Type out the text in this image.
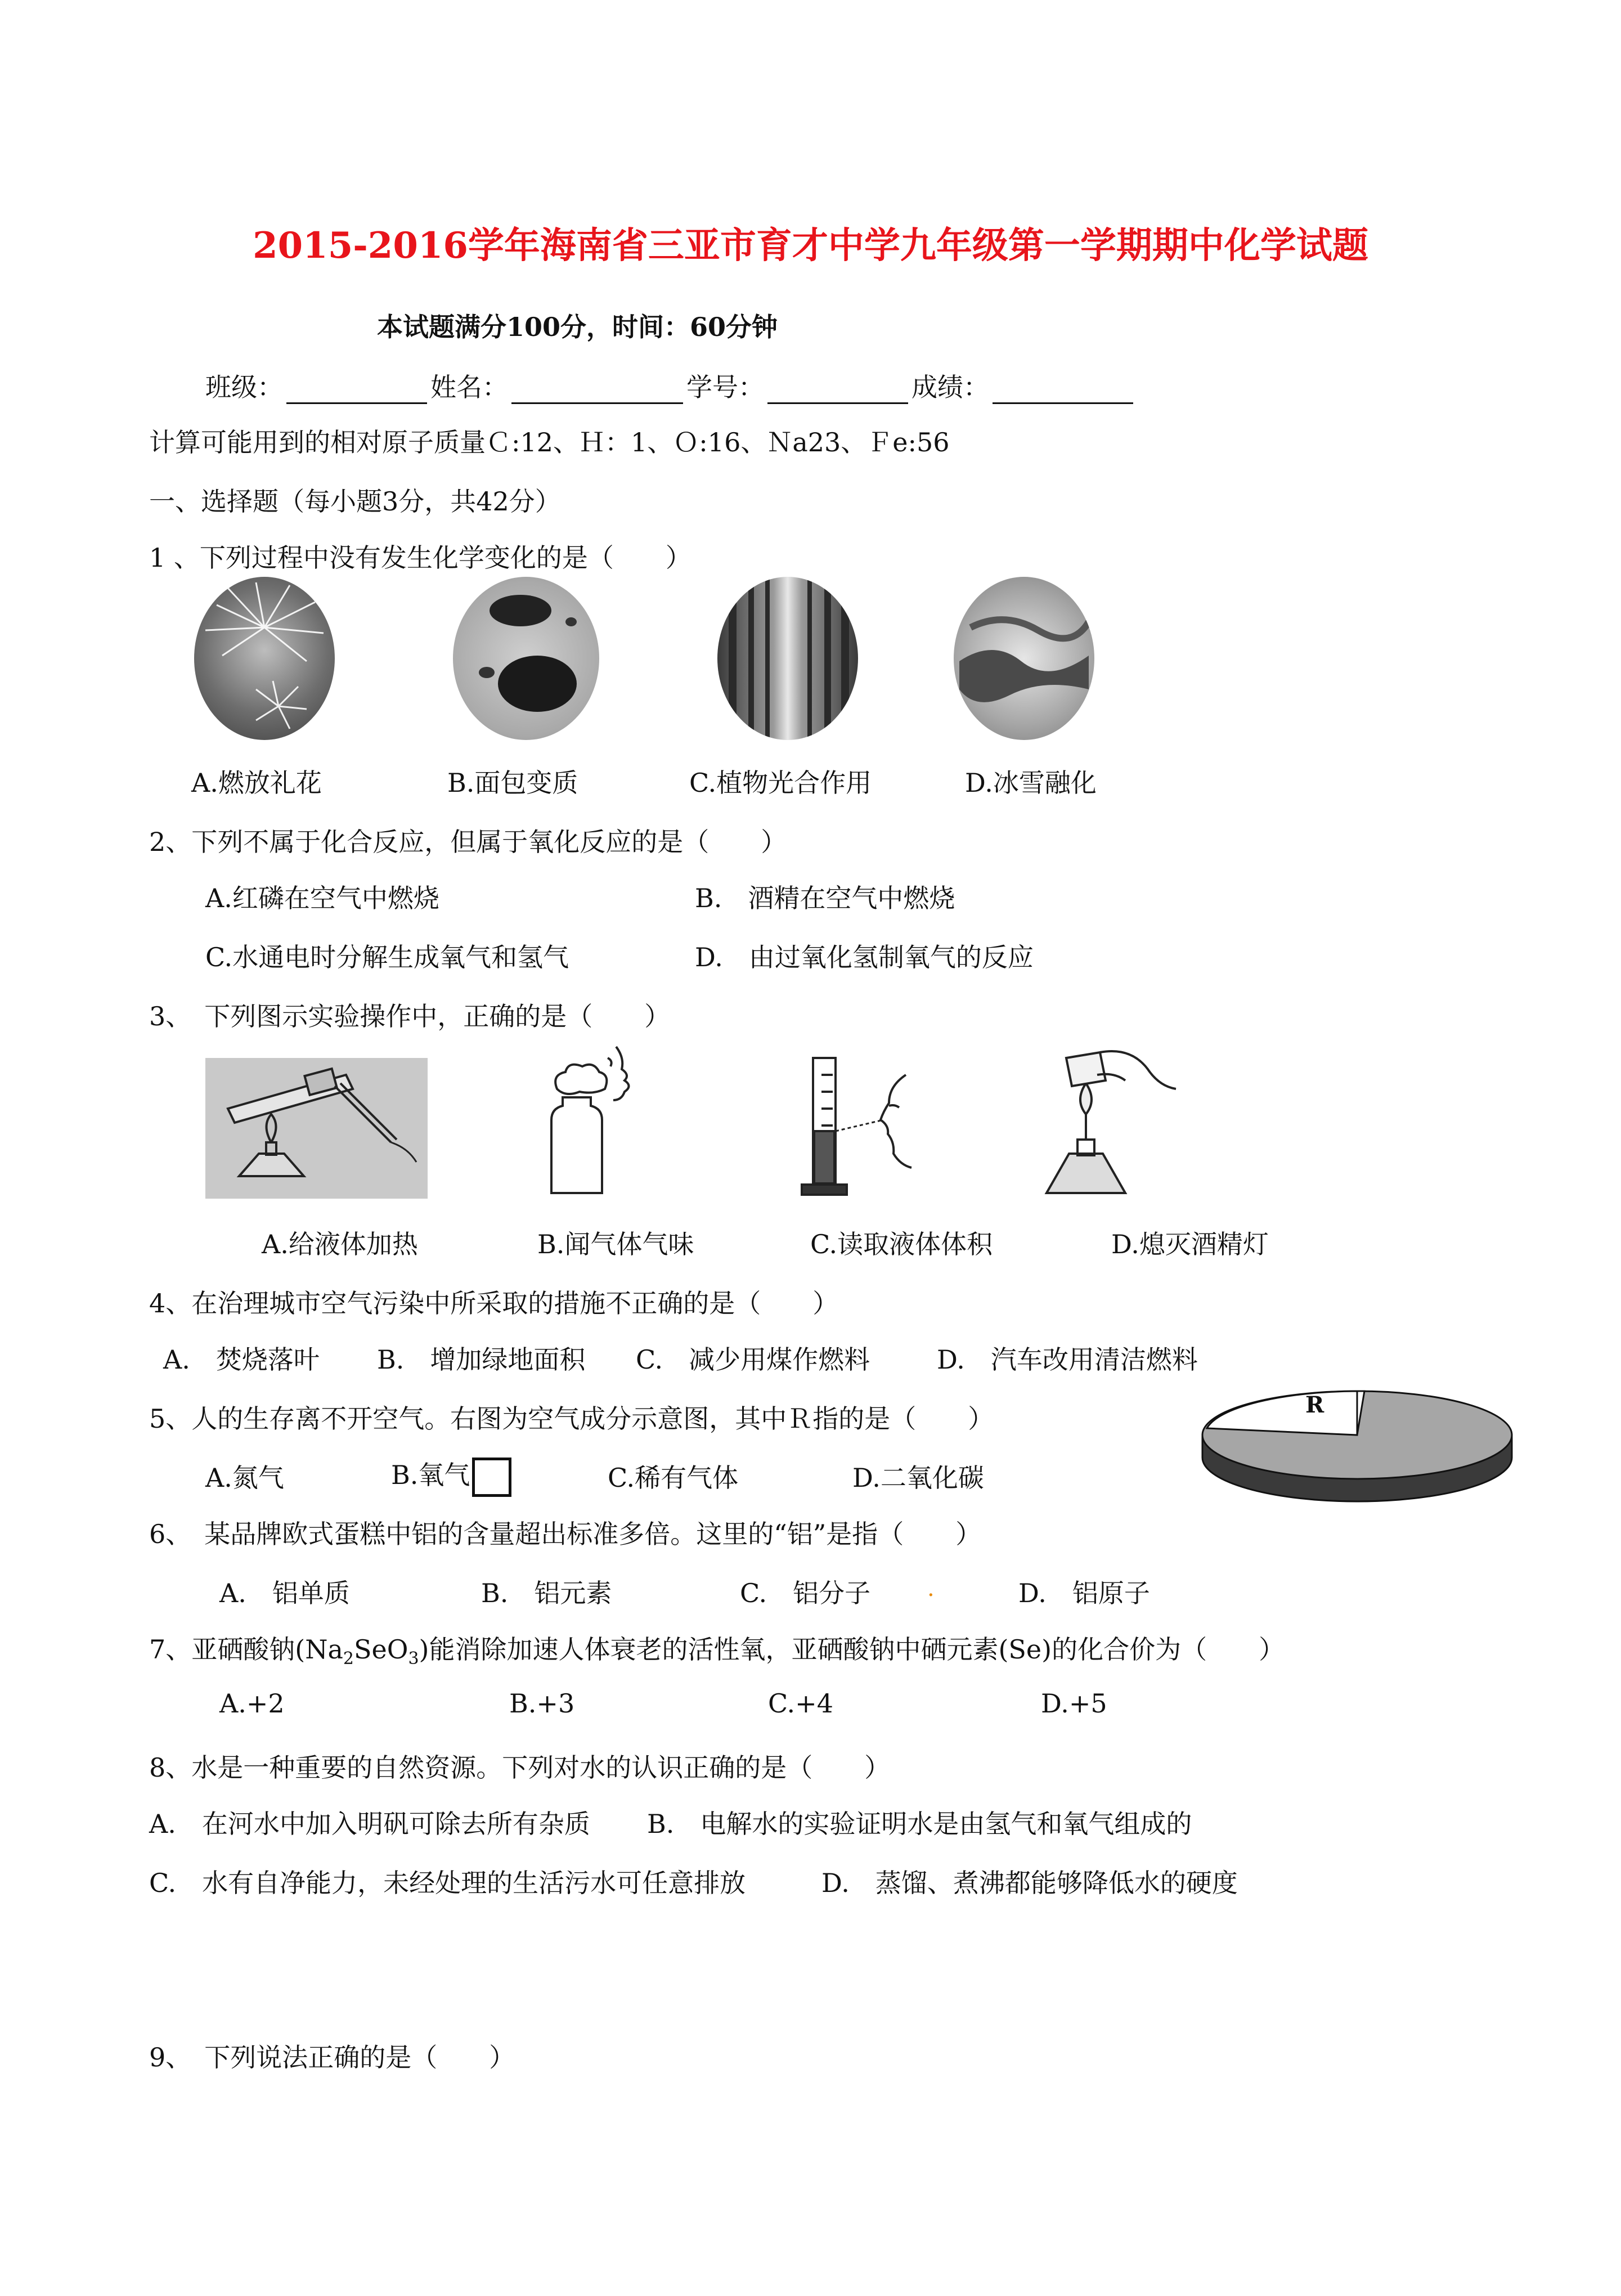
2015-2016学年海南省三亚市育才中学九年级第一学期期中化学试题
本试题满分100分，时间：60分钟
班级：	姓名：	学号：	成绩：
计算可能用到的相对原子质量Ｃ:12、Ｈ：1、Ｏ:16、Ｎa23、Ｆe:56
一、选择题（每小题3分，共42分）
1 、下列过程中没有发生化学变化的是（　　）
A.燃放礼花	B.面包变质	C.植物光合作用	D.冰雪融化
2、下列不属于化合反应，但属于氧化反应的是（　　）
A.红磷在空气中燃烧	B.　酒精在空气中燃烧
C.水通电时分解生成氧气和氢气	D.　由过氧化氢制氧气的反应
3、　下列图示实验操作中，正确的是（　　）
A.给液体加热	B.闻气体气味	C.读取液体体积	D.熄灭酒精灯
4、在治理城市空气污染中所采取的措施不正确的是（　　）
A.　焚烧落叶 B.　增加绿地面积 C.　减少用煤作燃料	D.　汽车改用清洁燃料
5、人的生存离不开空气。右图为空气成分示意图，其中Ｒ指的是（　　）
A.氮气	B.氧气	C.稀有气体	D.二氧化碳
R
6、　某品牌欧式蛋糕中铝的含量超出标准多倍。这里的“铝”是指（　　）
A.　铝单质	B.　铝元素	C.　铝分子	.	D.　铝原子
7、亚硒酸钠$(Na_2SeO_3)$能消除加速人体衰老的活性氧，亚硒酸钠中硒元素(Se)的化合价为（　　）
A.+2	B.+3	C.+4	D.+5
8、水是一种重要的自然资源。下列对水的认识正确的是（　　）
A.　在河水中加入明矾可除去所有杂质 B.　电解水的实验证明水是由氢气和氧气组成的
C.　水有自净能力，未经处理的生活污水可任意排放	D.　蒸馏、煮沸都能够降低水的硬度
9、　下列说法正确的是（　　）
